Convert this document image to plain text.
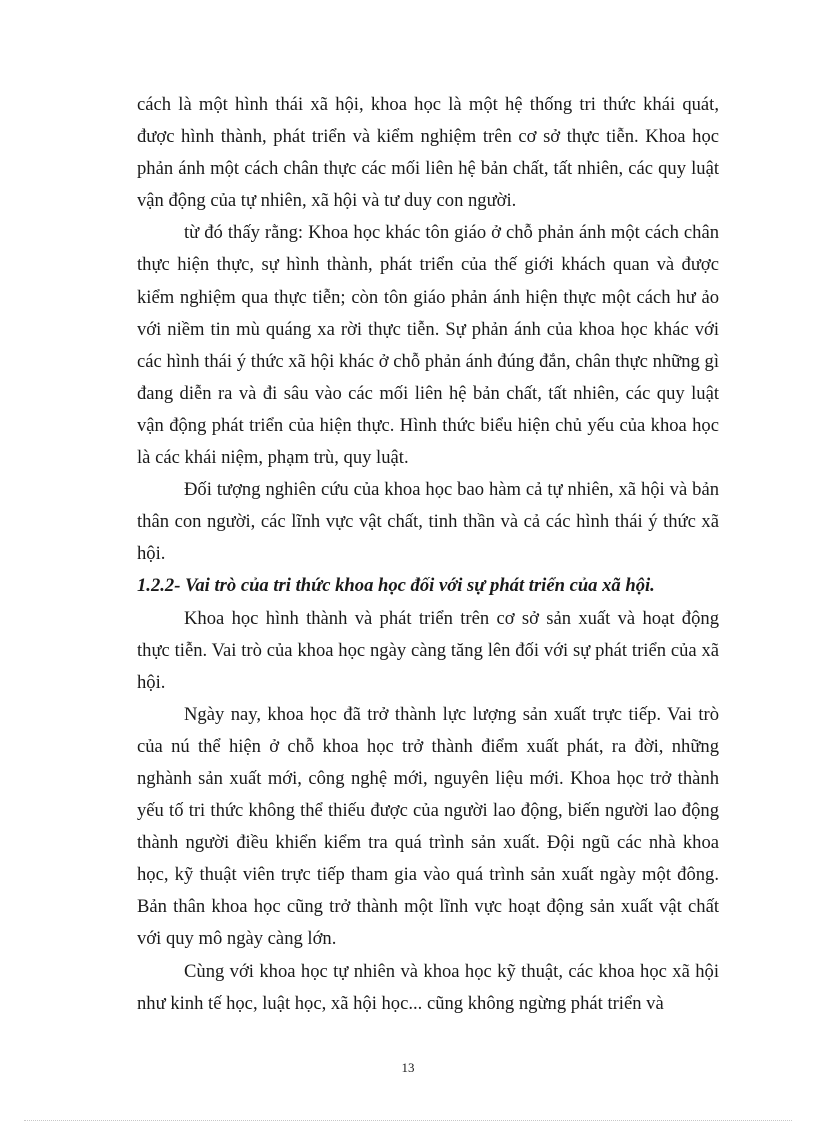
cách là một hình thái xã hội, khoa học là một hệ thống tri thức khái quát, được hình thành, phát triển và kiểm nghiệm trên cơ sở thực tiễn. Khoa học phản ánh một cách chân thực các mối liên hệ bản chất, tất nhiên, các quy luật vận động của tự nhiên, xã hội và tư duy con người.

từ đó thấy rằng: Khoa học khác tôn giáo ở chỗ phản ánh một cách chân thực hiện thực, sự hình thành, phát triển của thế giới khách quan và được kiểm nghiệm qua thực tiễn; còn tôn giáo phản ánh hiện thực một cách hư ảo với niềm tin mù quáng xa rời thực tiễn. Sự phản ánh của khoa học khác với các hình thái ý thức xã hội khác ở chỗ phản ánh đúng đắn, chân thực những gì đang diễn ra và đi sâu vào các mối liên hệ bản chất, tất nhiên, các quy luật vận động phát triển của hiện thực. Hình thức biểu hiện chủ yếu của khoa học là các khái niệm, phạm trù, quy luật.

Đối tượng nghiên cứu của khoa học bao hàm cả tự nhiên, xã hội và bản thân con người, các lĩnh vực vật chất, tinh thần và cả các hình thái ý thức xã hội.

1.2.2- Vai trò của tri thức khoa học đối với sự phát triển của xã hội.

Khoa học hình thành và phát triển trên cơ sở sản xuất và hoạt động thực tiễn. Vai trò của khoa học ngày càng tăng lên đối với sự phát triển của xã hội.

Ngày nay, khoa học đã trở thành lực lượng sản xuất trực tiếp. Vai trò của nú thể hiện ở chỗ khoa học trở thành điểm xuất phát, ra đời, những nghành sản xuất mới, công nghệ mới, nguyên liệu mới. Khoa học trở thành yếu tố tri thức không thể thiếu được của người lao động, biến người lao động thành người điều khiển kiểm tra quá trình sản xuất. Đội ngũ các nhà khoa học, kỹ thuật viên trực tiếp tham gia vào quá trình sản xuất ngày một đông. Bản thân khoa học cũng trở thành một lĩnh vực hoạt động sản xuất vật chất với quy mô ngày càng lớn.

Cùng với khoa học tự nhiên và khoa học kỹ thuật, các khoa học xã hội như kinh tế học, luật học, xã hội học... cũng không ngừng phát triển và

13
